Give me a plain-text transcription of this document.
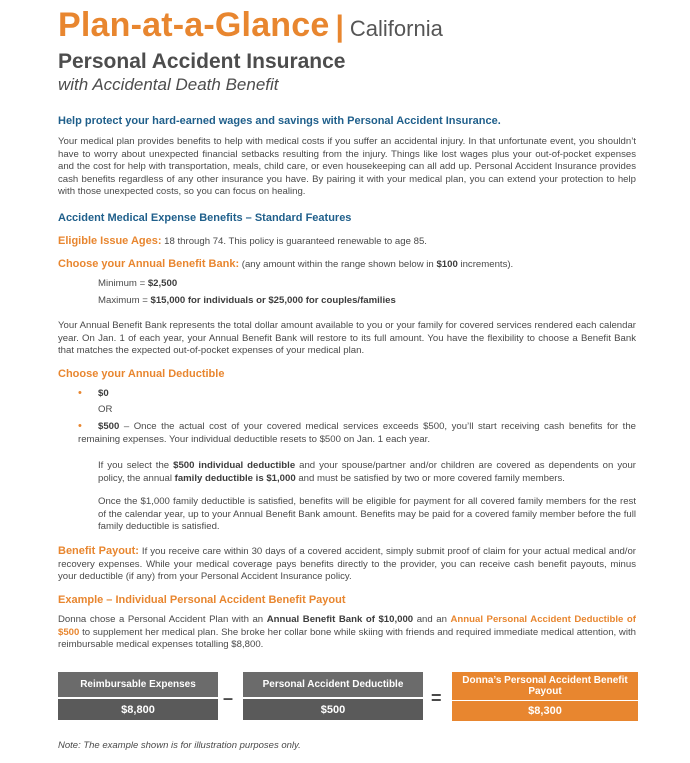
Plan-at-a-Glance | California
Personal Accident Insurance
with Accidental Death Benefit
Help protect your hard-earned wages and savings with Personal Accident Insurance.
Your medical plan provides benefits to help with medical costs if you suffer an accidental injury. In that unfortunate event, you shouldn’t have to worry about unexpected financial setbacks resulting from the injury. Things like lost wages plus your out-of-pocket expenses and the cost for help with transportation, meals, child care, or even housekeeping can all add up. Personal Accident Insurance provides cash benefits regardless of any other insurance you have. By pairing it with your medical plan, you can extend your protection to help with those unexpected costs, so you can focus on healing.
Accident Medical Expense Benefits – Standard Features
Eligible Issue Ages: 18 through 74. This policy is guaranteed renewable to age 85.
Choose your Annual Benefit Bank: (any amount within the range shown below in $100 increments).
Minimum = $2,500
Maximum = $15,000 for individuals or $25,000 for couples/families
Your Annual Benefit Bank represents the total dollar amount available to you or your family for covered services rendered each calendar year. On Jan. 1 of each year, your Annual Benefit Bank will restore to its full amount. You have the flexibility to choose a Benefit Bank that matches the expected out-of-pocket expenses of your medical plan.
Choose your Annual Deductible
• $0
OR
• $500 – Once the actual cost of your covered medical services exceeds $500, you’ll start receiving cash benefits for the remaining expenses. Your individual deductible resets to $500 on Jan. 1 each year.
If you select the $500 individual deductible and your spouse/partner and/or children are covered as dependents on your policy, the annual family deductible is $1,000 and must be satisfied by two or more covered family members.
Once the $1,000 family deductible is satisfied, benefits will be eligible for payment for all covered family members for the rest of the calendar year, up to your Annual Benefit Bank amount. Benefits may be paid for a covered family member before the full family deductible is satisfied.
Benefit Payout: If you receive care within 30 days of a covered accident, simply submit proof of claim for your actual medical and/or recovery expenses. While your medical coverage pays benefits directly to the provider, you can receive cash benefit payouts, minus your deductible (if any) from your Personal Accident Insurance policy.
Example – Individual Personal Accident Benefit Payout
Donna chose a Personal Accident Plan with an Annual Benefit Bank of $10,000 and an Annual Personal Accident Deductible of $500 to supplement her medical plan. She broke her collar bone while skiing with friends and required immediate medical attention, with reimbursable medical expenses totalling $8,800.
Reimbursable Expenses
$8,800
–
Personal Accident Deductible
$500
=
Donna’s Personal Accident Benefit Payout
$8,300
Note: The example shown is for illustration purposes only.
